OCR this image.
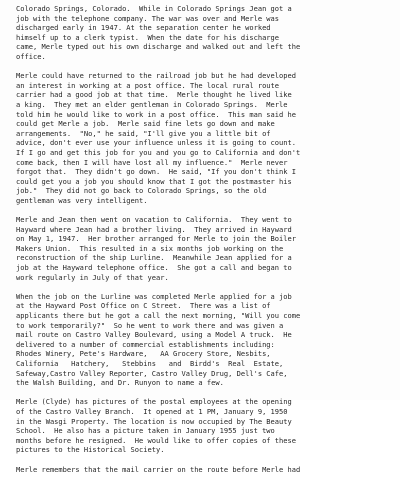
Colorado Springs, Colorado.  While in Colorado Springs Jean got a
job with the telephone company. The war was over and Merle was
discharged early in 1947. At the separation center he worked
himself up to a clerk typist.  When the date for his discharge
came, Merle typed out his own discharge and walked out and left the
office.
Merle could have returned to the railroad job but he had developed
an interest in working at a post office. The local rural route
carrier had a good job at that time.  Merle thought he lived like
a king.  They met an elder gentleman in Colorado Springs.  Merle
told him he would like to work in a post office.  This man said he
could get Merle a job.  Merle said fine lets go down and make
arrangements.  "No," he said, "I'll give you a little bit of
advice, don't ever use your influence unless it is going to count.
If I go and get this job for you and you go to California and don't
come back, then I will have lost all my influence."  Merle never
forgot that.  They didn't go down.  He said, "If you don't think I
could get you a job you should know that I got the postmaster his
job."  They did not go back to Colorado Springs, so the old
gentleman was very intelligent.
Merle and Jean then went on vacation to California.  They went to
Hayward where Jean had a brother living.  They arrived in Hayward
on May 1, 1947.  Her brother arranged for Merle to join the Boiler
Makers Union.  This resulted in a six months job working on the
reconstruction of the ship Lurline.  Meanwhile Jean applied for a
job at the Hayward telephone office.  She got a call and began to
work regularly in July of that year.
When the job on the Lurline was completed Merle applied for a job
at the Hayward Post Office on C Street.  There was a list of
applicants there but he got a call the next morning, "Will you come
to work temporarily?"  So he went to work there and was given a
mail route on Castro Valley Boulevard, using a Model A truck.  He
delivered to a number of commercial establishments including:
Rhodes Winery, Pete's Hardware,   AA Grocery Store, Nesbits,
California   Hatchery,   Stebbins   and  Birdd's  Real  Estate,
Safeway,Castro Valley Reporter, Castro Valley Drug, Dell's Cafe,
the Walsh Building, and Dr. Runyon to name a few.
Merle (Clyde) has pictures of the postal employees at the opening
of the Castro Valley Branch.  It opened at 1 PM, January 9, 1950
in the Wasgi Property. The location is now occupied by The Beauty
School.  He also has a picture taken in January 1955 just two
months before he resigned.  He would like to offer copies of these
pictures to the Historical Society.
Merle remembers that the mail carrier on the route before Merle had
